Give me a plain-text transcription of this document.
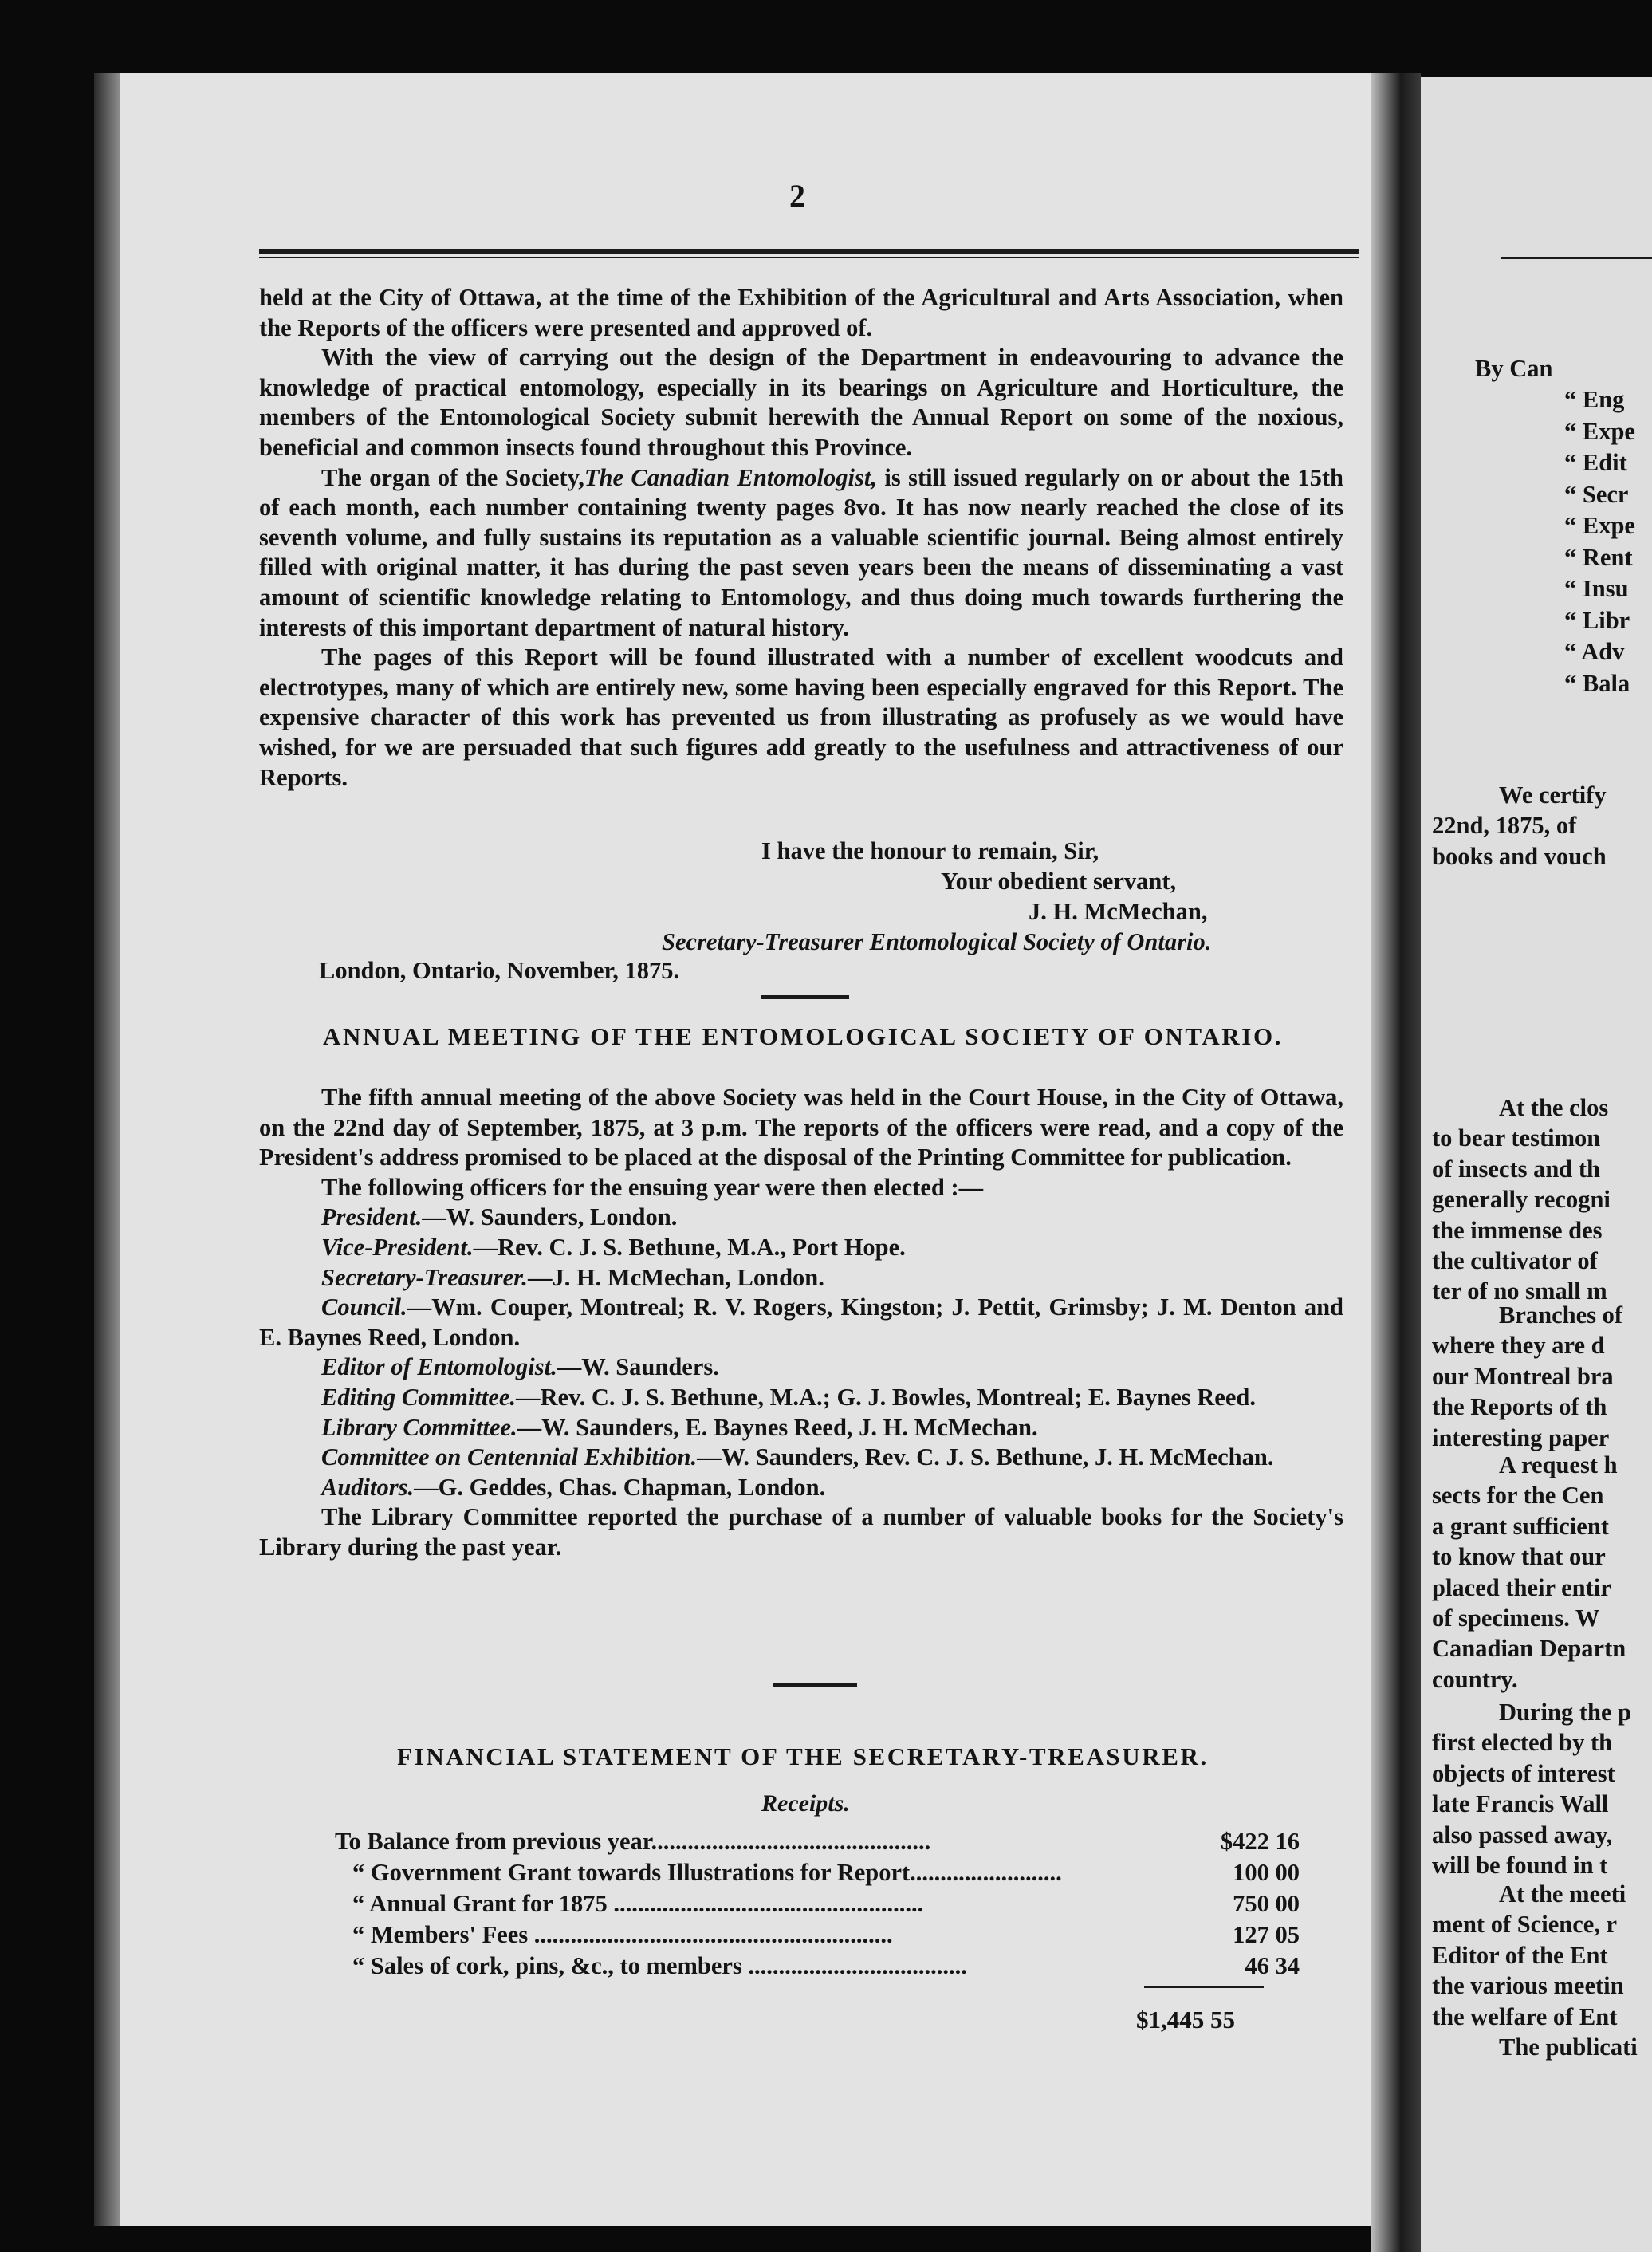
2

held at the City of Ottawa, at the time of the Exhibition of the Agricultural and Arts Association, when the Reports of the officers were presented and approved of.

With the view of carrying out the design of the Department in endeavouring to advance the knowledge of practical entomology, especially in its bearings on Agriculture and Horticulture, the members of the Entomological Society submit herewith the Annual Report on some of the noxious, beneficial and common insects found throughout this Province.

The organ of the Society,The Canadian Entomologist, is still issued regularly on or about the 15th of each month, each number containing twenty pages 8vo. It has now nearly reached the close of its seventh volume, and fully sustains its reputation as a valuable scientific journal. Being almost entirely filled with original matter, it has during the past seven years been the means of disseminating a vast amount of scientific knowledge relating to Entomology, and thus doing much towards furthering the interests of this important department of natural history.

The pages of this Report will be found illustrated with a number of excellent woodcuts and electrotypes, many of which are entirely new, some having been especially engraved for this Report. The expensive character of this work has prevented us from illustrating as profusely as we would have wished, for we are persuaded that such figures add greatly to the usefulness and attractiveness of our Reports.

I have the honour to remain, Sir,
Your obedient servant,
J. H. McMechan,
Secretary-Treasurer Entomological Society of Ontario.
London, Ontario, November, 1875.
ANNUAL MEETING OF THE ENTOMOLOGICAL SOCIETY OF ONTARIO.

The fifth annual meeting of the above Society was held in the Court House, in the City of Ottawa, on the 22nd day of September, 1875, at 3 p.m. The reports of the officers were read, and a copy of the President's address promised to be placed at the disposal of the Printing Committee for publication.

The following officers for the ensuing year were then elected :—

President.—W. Saunders, London.

Vice-President.—Rev. C. J. S. Bethune, M.A., Port Hope.

Secretary-Treasurer.—J. H. McMechan, London.

Council.—Wm. Couper, Montreal; R. V. Rogers, Kingston; J. Pettit, Grimsby; J. M. Denton and E. Baynes Reed, London.

Editor of Entomologist.—W. Saunders.

Editing Committee.—Rev. C. J. S. Bethune, M.A.; G. J. Bowles, Montreal; E. Baynes Reed.

Library Committee.—W. Saunders, E. Baynes Reed, J. H. McMechan.

Committee on Centennial Exhibition.—W. Saunders, Rev. C. J. S. Bethune, J. H. McMechan.

Auditors.—G. Geddes, Chas. Chapman, London.

The Library Committee reported the purchase of a number of valuable books for the Society's Library during the past year.

FINANCIAL STATEMENT OF THE SECRETARY-TREASURER.
Receipts.
To Balance from previous year..............................................	$422 16
“ Government Grant towards Illustrations for Report.........................	100 00
“ Annual Grant for 1875 ...................................................	750 00
“ Members' Fees ...........................................................	127 05
“ Sales of cork, pins, &c., to members ....................................	46 34
$1,445 55
By Can
“ Eng
“ Expe
“ Edit
“ Secr
“ Expe
“ Rent
“ Insu
“ Libr
“ Adv
“ Bala
We certify
22nd, 1875, of
books and vouch
At the clos
to bear testimon
of insects and th
generally recogni
the immense des
the cultivator of
ter of no small m
Branches of
where they are d
our Montreal bra
the Reports of th
interesting paper
A request h
sects for the Cen
a grant sufficient
to know that our
placed their entir
of specimens. W
Canadian Departn
country.
During the p
first elected by th
objects of interest
late Francis Wall
also passed away,
will be found in t
At the meeti
ment of Science, r
Editor of the Ent
the various meetin
the welfare of Ent
The publicati
